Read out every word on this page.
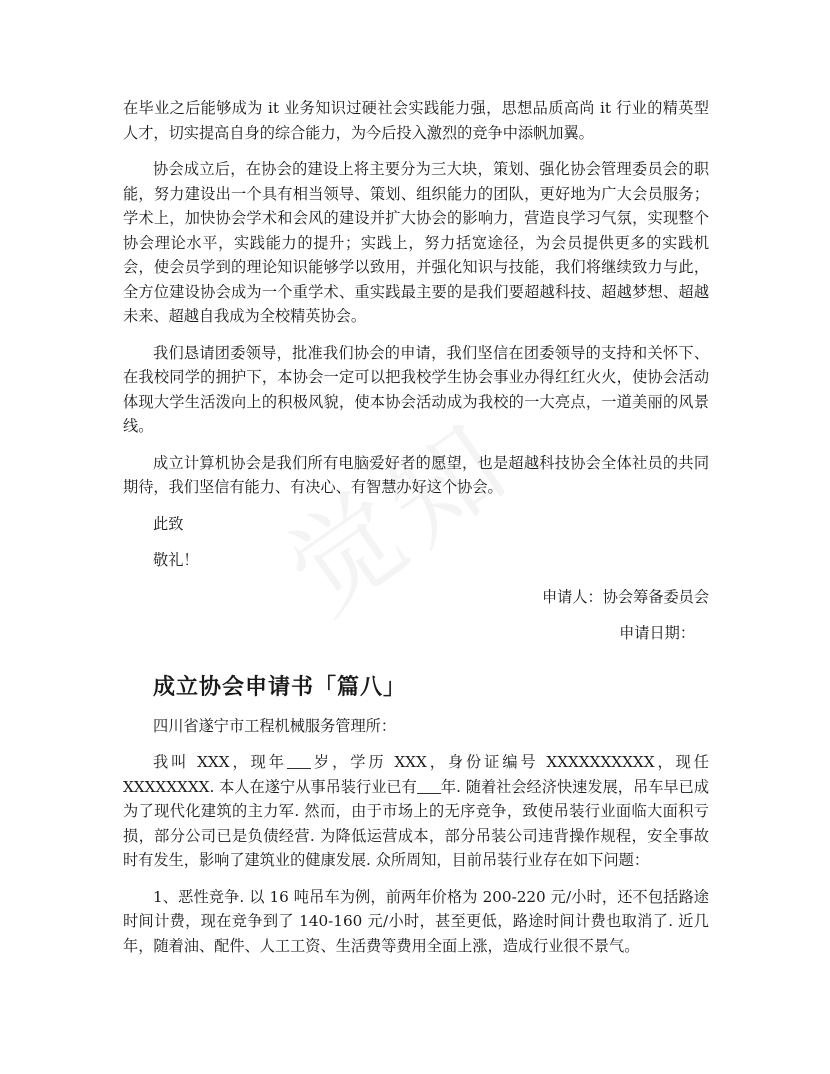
在毕业之后能够成为 it 业务知识过硬社会实践能力强，思想品质高尚 it 行业的精英型人才，切实提高自身的综合能力，为今后投入激烈的竞争中添帆加翼。

协会成立后，在协会的建设上将主要分为三大块，策划、强化协会管理委员会的职能，努力建设出一个具有相当领导、策划、组织能力的团队，更好地为广大会员服务；学术上，加快协会学术和会风的建设并扩大协会的影响力，营造良学习气氛，实现整个协会理论水平，实践能力的提升；实践上，努力括宽途径，为会员提供更多的实践机会，使会员学到的理论知识能够学以致用，并强化知识与技能，我们将继续致力与此，全方位建设协会成为一个重学术、重实践最主要的是我们要超越科技、超越梦想、超越未来、超越自我成为全校精英协会。

我们恳请团委领导，批准我们协会的申请，我们坚信在团委领导的支持和关怀下、在我校同学的拥护下，本协会一定可以把我校学生协会事业办得红红火火，使协会活动体现大学生活泼向上的积极风貌，使本协会活动成为我校的一大亮点，一道美丽的风景线。

成立计算机协会是我们所有电脑爱好者的愿望，也是超越科技协会全体社员的共同期待，我们坚信有能力、有决心、有智慧办好这个协会。

此致

敬礼！

申请人：协会筹备委员会

申请日期：

成立协会申请书「篇八」

四川省遂宁市工程机械服务管理所：

我叫 XXX，现年 岁，学历 XXX，身份证编号 XXXXXXXXXX，现任 XXXXXXXX. 本人在遂宁从事吊装行业已有 年. 随着社会经济快速发展，吊车早已成为了现代化建筑的主力军. 然而，由于市场上的无序竞争，致使吊装行业面临大面积亏损，部分公司已是负债经营. 为降低运营成本，部分吊装公司违背操作规程，安全事故时有发生，影响了建筑业的健康发展. 众所周知，目前吊装行业存在如下问题：

1、恶性竞争. 以 16 吨吊车为例，前两年价格为 200-220 元/小时，还不包括路途时间计费，现在竞争到了 140-160 元/小时，甚至更低，路途时间计费也取消了. 近几年，随着油、配件、人工工资、生活费等费用全面上涨，造成行业很不景气。
